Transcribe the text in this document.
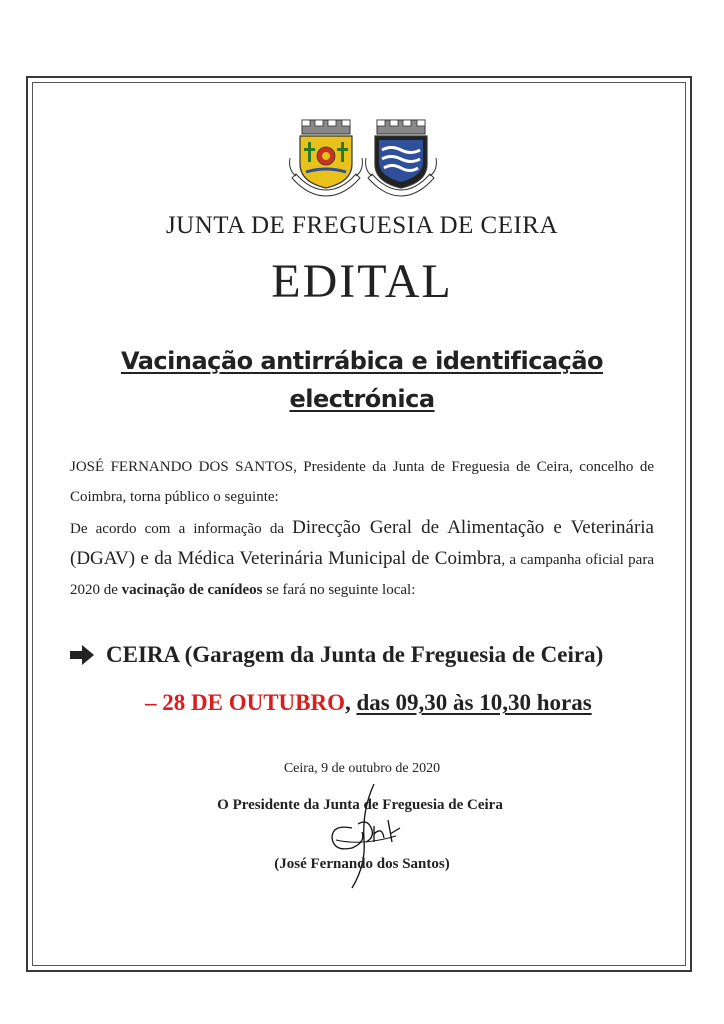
JUNTA DE FREGUESIA DE CEIRA
EDITAL
Vacinação antirrábica e identificação
electrónica
JOSÉ FERNANDO DOS SANTOS, Presidente da Junta de Freguesia de Ceira, concelho de Coimbra, torna público o seguinte:
De acordo com a informação da Direcção Geral de Alimentação e Veterinária (DGAV) e da Médica Veterinária Municipal de Coimbra, a campanha oficial para 2020 de vacinação de canídeos se fará no seguinte local:
CEIRA (Garagem da Junta de Freguesia de Ceira)
– 28 DE OUTUBRO, das 09,30 às 10,30 horas
Ceira, 9 de outubro de 2020
O Presidente da Junta de Freguesia de Ceira
(José Fernando dos Santos)
